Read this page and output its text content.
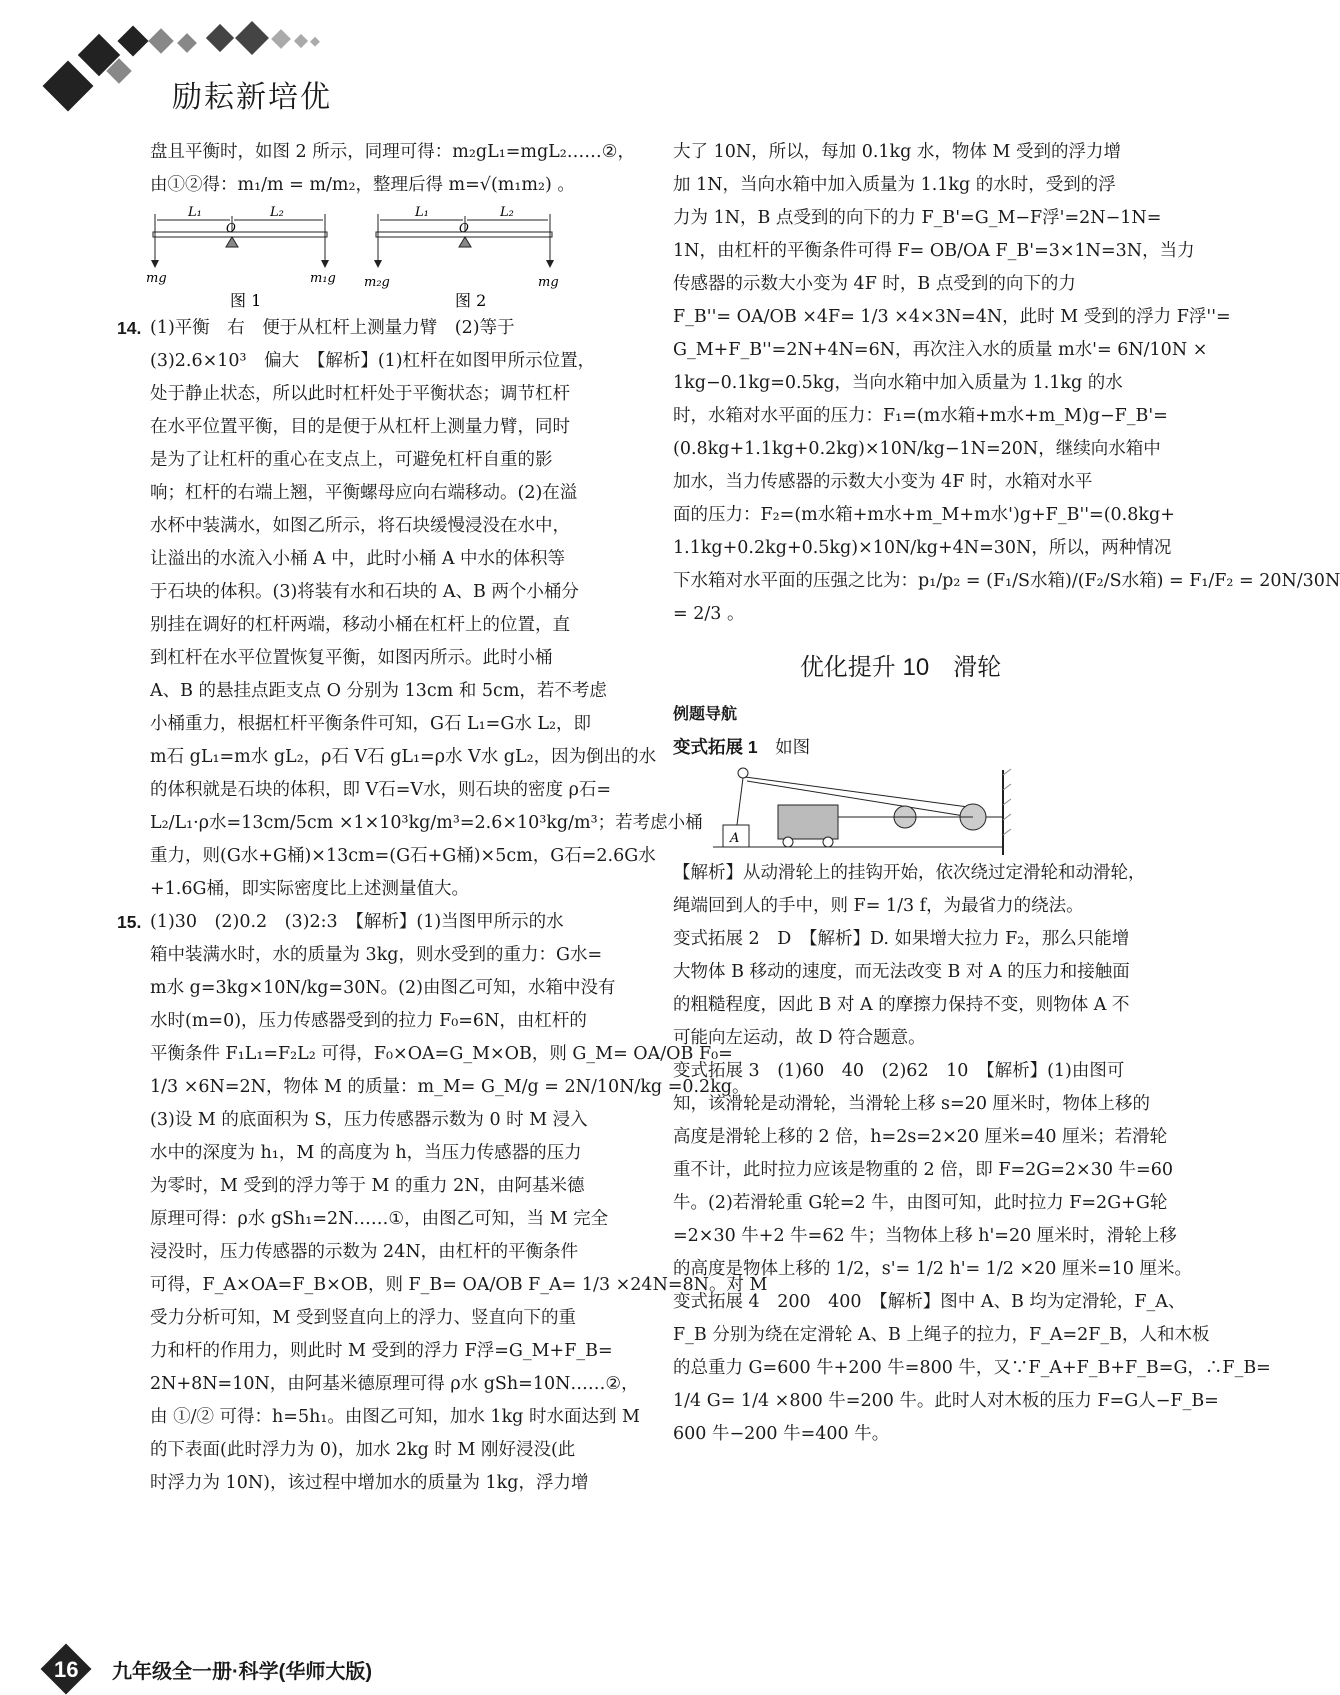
励耘新培优

盘且平衡时，如图 2 所示，同理可得：m₂gL₁=mgL₂……②，

由①②得：m₁/m = m/m₂，整理后得 m=√(m₁m₂) 。

L₁	L₂
O
mg	m₁g
图 1
L₁	L₂
O
m₂g	mg
图 2
14. (1)平衡　右　便于从杠杆上测量力臂　(2)等于

(3)2.6×10³　偏大　【解析】(1)杠杆在如图甲所示位置，

处于静止状态，所以此时杠杆处于平衡状态；调节杠杆

在水平位置平衡，目的是便于从杠杆上测量力臂，同时

是为了让杠杆的重心在支点上，可避免杠杆自重的影

响；杠杆的右端上翘，平衡螺母应向右端移动。(2)在溢

水杯中装满水，如图乙所示，将石块缓慢浸没在水中，

让溢出的水流入小桶 A 中，此时小桶 A 中水的体积等

于石块的体积。(3)将装有水和石块的 A、B 两个小桶分

别挂在调好的杠杆两端，移动小桶在杠杆上的位置，直

到杠杆在水平位置恢复平衡，如图丙所示。此时小桶

A、B 的悬挂点距支点 O 分别为 13cm 和 5cm，若不考虑

小桶重力，根据杠杆平衡条件可知，G石 L₁=G水 L₂，即

m石 gL₁=m水 gL₂，ρ石 V石 gL₁=ρ水 V水 gL₂，因为倒出的水

的体积就是石块的体积，即 V石=V水，则石块的密度 ρ石=

L₂/L₁·ρ水=13cm/5cm ×1×10³kg/m³=2.6×10³kg/m³；若考虑小桶

重力，则(G水+G桶)×13cm=(G石+G桶)×5cm，G石=2.6G水

+1.6G桶，即实际密度比上述测量值大。

15. (1)30　(2)0.2　(3)2:3　【解析】(1)当图甲所示的水

箱中装满水时，水的质量为 3kg，则水受到的重力：G水=

m水 g=3kg×10N/kg=30N。(2)由图乙可知，水箱中没有

水时(m=0)，压力传感器受到的拉力 F₀=6N，由杠杆的

平衡条件 F₁L₁=F₂L₂ 可得，F₀×OA=G_M×OB，则 G_M= OA/OB F₀=

1/3 ×6N=2N，物体 M 的质量：m_M= G_M/g = 2N/10N/kg =0.2kg。

(3)设 M 的底面积为 S，压力传感器示数为 0 时 M 浸入

水中的深度为 h₁，M 的高度为 h，当压力传感器的压力

为零时，M 受到的浮力等于 M 的重力 2N，由阿基米德

原理可得：ρ水 gSh₁=2N……①，由图乙可知，当 M 完全

浸没时，压力传感器的示数为 24N，由杠杆的平衡条件

可得，F_A×OA=F_B×OB，则 F_B= OA/OB F_A= 1/3 ×24N=8N。对 M

受力分析可知，M 受到竖直向上的浮力、竖直向下的重

力和杆的作用力，则此时 M 受到的浮力 F浮=G_M+F_B=

2N+8N=10N，由阿基米德原理可得 ρ水 gSh=10N……②，

由 ①/② 可得：h=5h₁。由图乙可知，加水 1kg 时水面达到 M

的下表面(此时浮力为 0)，加水 2kg 时 M 刚好浸没(此

时浮力为 10N)，该过程中增加水的质量为 1kg，浮力增

大了 10N，所以，每加 0.1kg 水，物体 M 受到的浮力增

加 1N，当向水箱中加入质量为 1.1kg 的水时，受到的浮

力为 1N，B 点受到的向下的力 F_B'=G_M−F浮'=2N−1N=

1N，由杠杆的平衡条件可得 F= OB/OA F_B'=3×1N=3N，当力

传感器的示数大小变为 4F 时，B 点受到的向下的力

F_B''= OA/OB ×4F= 1/3 ×4×3N=4N，此时 M 受到的浮力 F浮''=

G_M+F_B''=2N+4N=6N，再次注入水的质量 m水'= 6N/10N ×

1kg−0.1kg=0.5kg，当向水箱中加入质量为 1.1kg 的水

时，水箱对水平面的压力：F₁=(m水箱+m水+m_M)g−F_B'=

(0.8kg+1.1kg+0.2kg)×10N/kg−1N=20N，继续向水箱中

加水，当力传感器的示数大小变为 4F 时，水箱对水平

面的压力：F₂=(m水箱+m水+m_M+m水')g+F_B''=(0.8kg+

1.1kg+0.2kg+0.5kg)×10N/kg+4N=30N，所以，两种情况

下水箱对水平面的压强之比为：p₁/p₂ = (F₁/S水箱)/(F₂/S水箱) = F₁/F₂ = 20N/30N

= 2/3 。

优化提升 10　滑轮

例题导航

变式拓展 1　 如图

A

【解析】从动滑轮上的挂钩开始，依次绕过定滑轮和动滑轮，

绳端回到人的手中，则 F= 1/3 f，为最省力的绕法。

变式拓展 2　D　【解析】D. 如果增大拉力 F₂，那么只能增

大物体 B 移动的速度，而无法改变 B 对 A 的压力和接触面

的粗糙程度，因此 B 对 A 的摩擦力保持不变，则物体 A 不

可能向左运动，故 D 符合题意。

变式拓展 3　(1)60　40　(2)62　10　【解析】(1)由图可

知，该滑轮是动滑轮，当滑轮上移 s=20 厘米时，物体上移的

高度是滑轮上移的 2 倍，h=2s=2×20 厘米=40 厘米；若滑轮

重不计，此时拉力应该是物重的 2 倍，即 F=2G=2×30 牛=60

牛。(2)若滑轮重 G轮=2 牛，由图可知，此时拉力 F=2G+G轮

=2×30 牛+2 牛=62 牛；当物体上移 h'=20 厘米时，滑轮上移

的高度是物体上移的 1/2，s'= 1/2 h'= 1/2 ×20 厘米=10 厘米。

变式拓展 4　200　400　【解析】图中 A、B 均为定滑轮，F_A、

F_B 分别为绕在定滑轮 A、B 上绳子的拉力，F_A=2F_B，人和木板

的总重力 G=600 牛+200 牛=800 牛，又∵F_A+F_B+F_B=G，∴F_B=

1/4 G= 1/4 ×800 牛=200 牛。此时人对木板的压力 F=G人−F_B=

600 牛−200 牛=400 牛。

16 九年级全一册·科学(华师大版)
